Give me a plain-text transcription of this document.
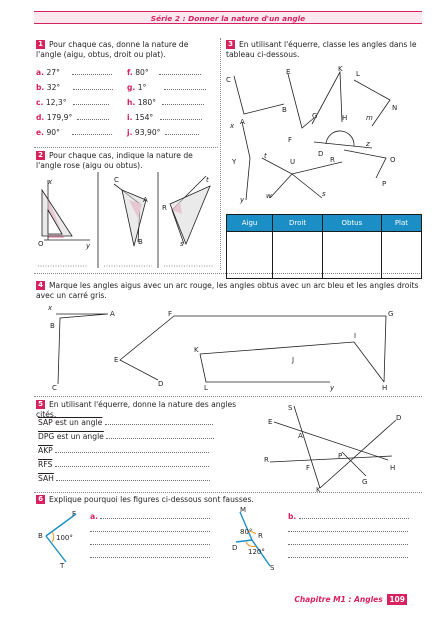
Série 2 : Donner la nature d'un angle
1 Pour chaque cas, donne la nature de l'angle (aigu, obtus, droit ou plat).
a. 27°
b. 32°
c. 12,3°
d. 179,9°
e. 90°
f. 80°
g. 1°
h. 180°
i. 154°
j. 93,90°
2 Pour chaque cas, indique la nature de l'angle rose (aigu ou obtus).
x
O	y
C
A
B
t
R
s
3 En utilisant l'équerre, classe les angles dans le tableau ci-dessous.
C
A
B
E
F
G
K
H
L
N
m
x
Y
y
t
U
w	s
D
R
z
O
P
Aigu	Droit	Obtus	Plat

4 Marque les angles aigus avec un arc rouge, les angles obtus avec un arc bleu et les angles droits avec un carré gris.
x
A
B
C
E
D
F	G
K
J
I
L	y	H
5 En utilisant l'équerre, donne la nature des angles cités.
SAP est un angle
DPG est un angle
$\overline{AKP}$
$\overline{RFS}$
$\overline{SAH}$
S
E
A
D
R	P
F	H
G
K
6 Explique pourquoi les figures ci-dessous sont fausses.
B
F
T
100°
a.
M
R
D
S
80°
120°
b.
Chapitre M1 : Angles 109
